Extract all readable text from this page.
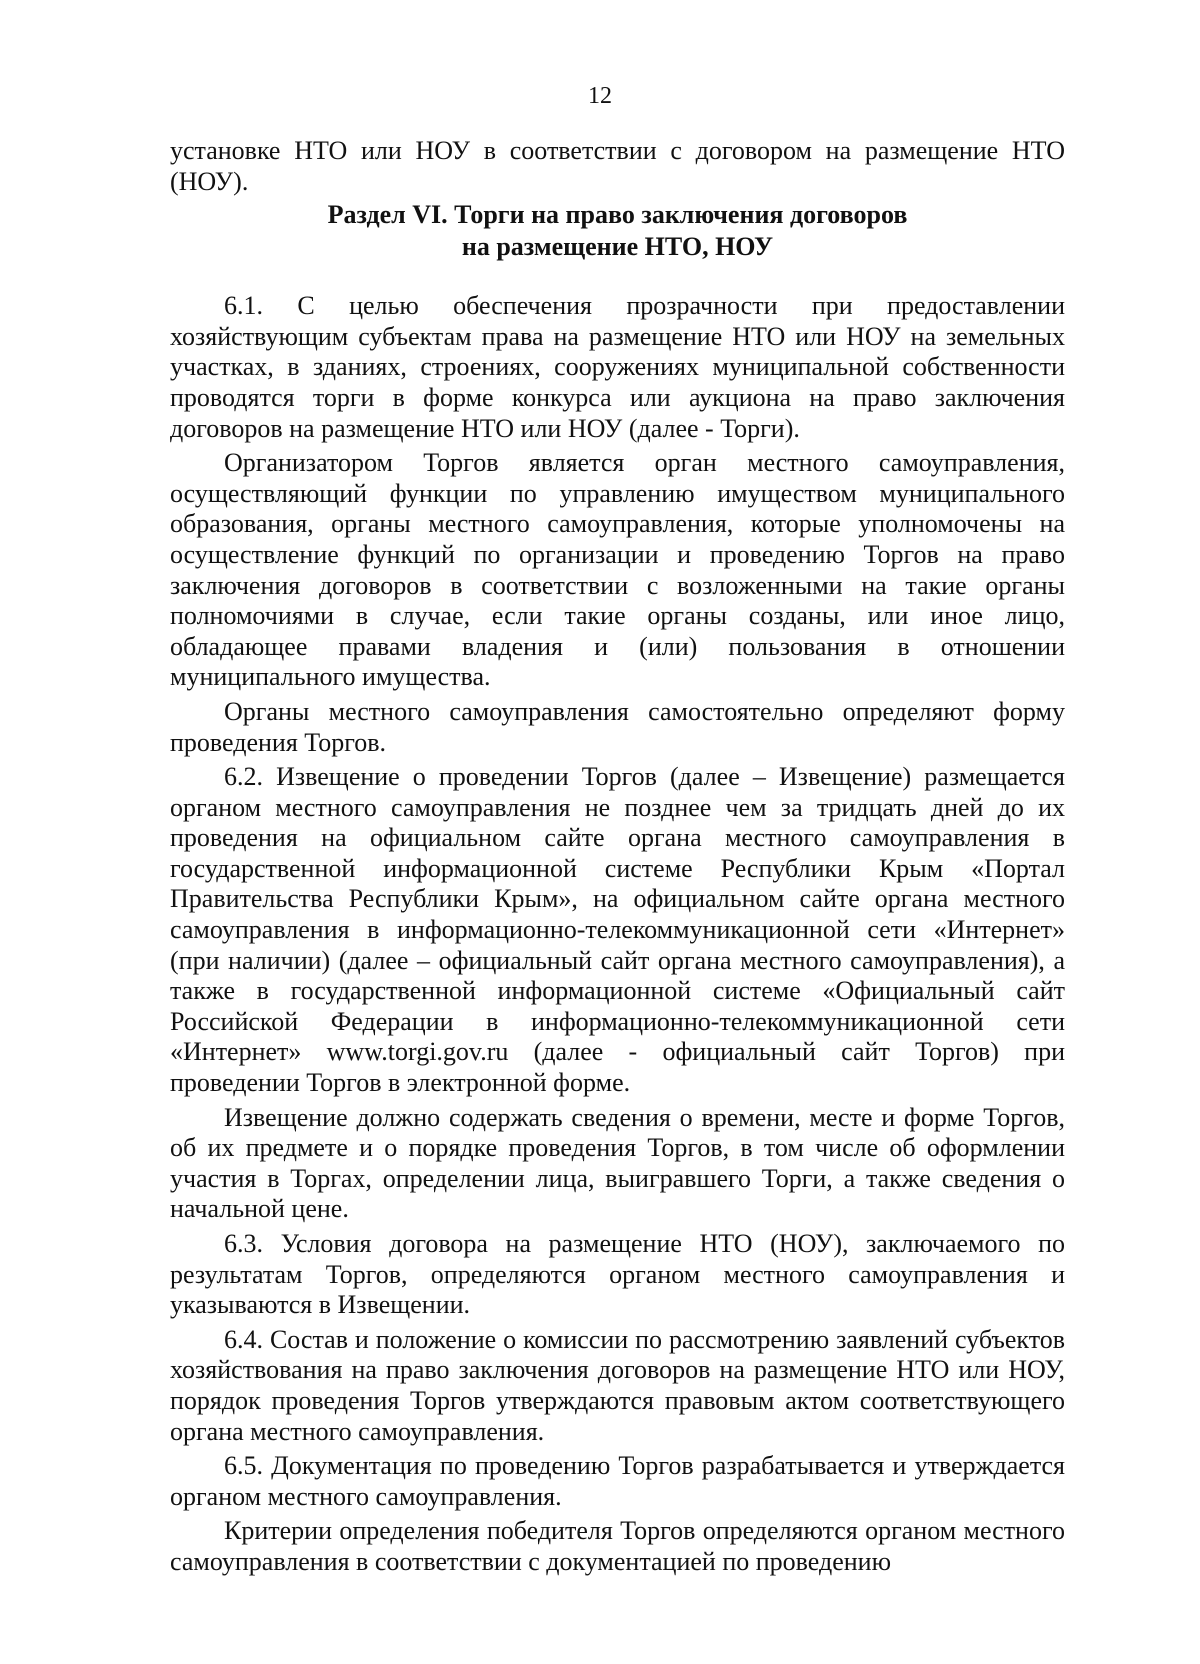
12

установке НТО или НОУ в соответствии с договором на размещение НТО (НОУ).

Раздел VI. Торги на право заключения договоров
на размещение НТО, НОУ

6.1. С целью обеспечения прозрачности при предоставлении хозяйствующим субъектам права на размещение НТО или НОУ на земельных участках, в зданиях, строениях, сооружениях муниципальной собственности проводятся торги в форме конкурса или аукциона на право заключения договоров на размещение НТО или НОУ (далее - Торги).

Организатором Торгов является орган местного самоуправления, осуществляющий функции по управлению имуществом муниципального образования, органы местного самоуправления, которые уполномочены на осуществление функций по организации и проведению Торгов на право заключения договоров в соответствии с возложенными на такие органы полномочиями в случае, если такие органы созданы, или иное лицо, обладающее правами владения и (или) пользования в отношении муниципального имущества.

Органы местного самоуправления самостоятельно определяют форму проведения Торгов.

6.2. Извещение о проведении Торгов (далее – Извещение) размещается органом местного самоуправления не позднее чем за тридцать дней до их проведения на официальном сайте органа местного самоуправления в государственной информационной системе Республики Крым «Портал Правительства Республики Крым», на официальном сайте органа местного самоуправления в информационно-телекоммуникационной сети «Интернет» (при наличии) (далее – официальный сайт органа местного самоуправления), а также в государственной информационной системе «Официальный сайт Российской Федерации в информационно-телекоммуникационной сети «Интернет» www.torgi.gov.ru (далее - официальный сайт Торгов) при проведении Торгов в электронной форме.

Извещение должно содержать сведения о времени, месте и форме Торгов, об их предмете и о порядке проведения Торгов, в том числе об оформлении участия в Торгах, определении лица, выигравшего Торги, а также сведения о начальной цене.

6.3. Условия договора на размещение НТО (НОУ), заключаемого по результатам Торгов, определяются органом местного самоуправления и указываются в Извещении.

6.4. Состав и положение о комиссии по рассмотрению заявлений субъектов хозяйствования на право заключения договоров на размещение НТО или НОУ, порядок проведения Торгов утверждаются правовым актом соответствующего органа местного самоуправления.

6.5. Документация по проведению Торгов разрабатывается и утверждается органом местного самоуправления.

Критерии определения победителя Торгов определяются органом местного самоуправления в соответствии с документацией по проведению
